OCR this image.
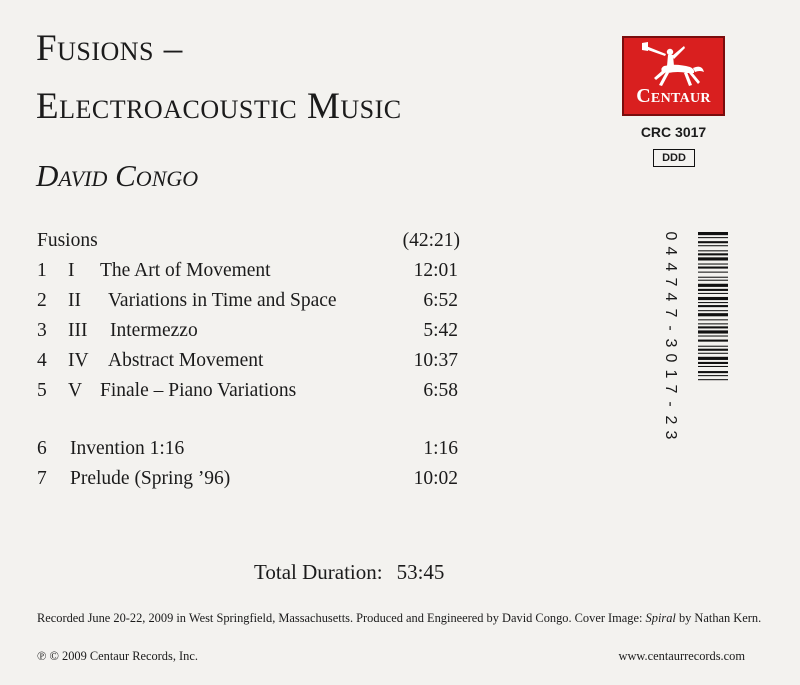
Fusions –
Electroacoustic Music
David Congo
Centaur
CRC 3017
DDD
Fusions	(42:21)
1 I The Art of Movement	12:01
2 II Variations in Time and Space	6:52
3 III Intermezzo	5:42
4 IV Abstract Movement	10:37
5 V Finale – Piano Variations	6:58
6 Invention 1:16	1:16
7 Prelude (Spring ’96)	10:02
Total Duration: 53:45
Recorded June 20-22, 2009 in West Springfield, Massachusetts. Produced and Engineered by David Congo. Cover Image: Spiral by Nathan Kern.
℗ © 2009 Centaur Records, Inc.	www.centaurrecords.com
0
4
4
7
4
7
-
3
0
1
7
-
2
3
